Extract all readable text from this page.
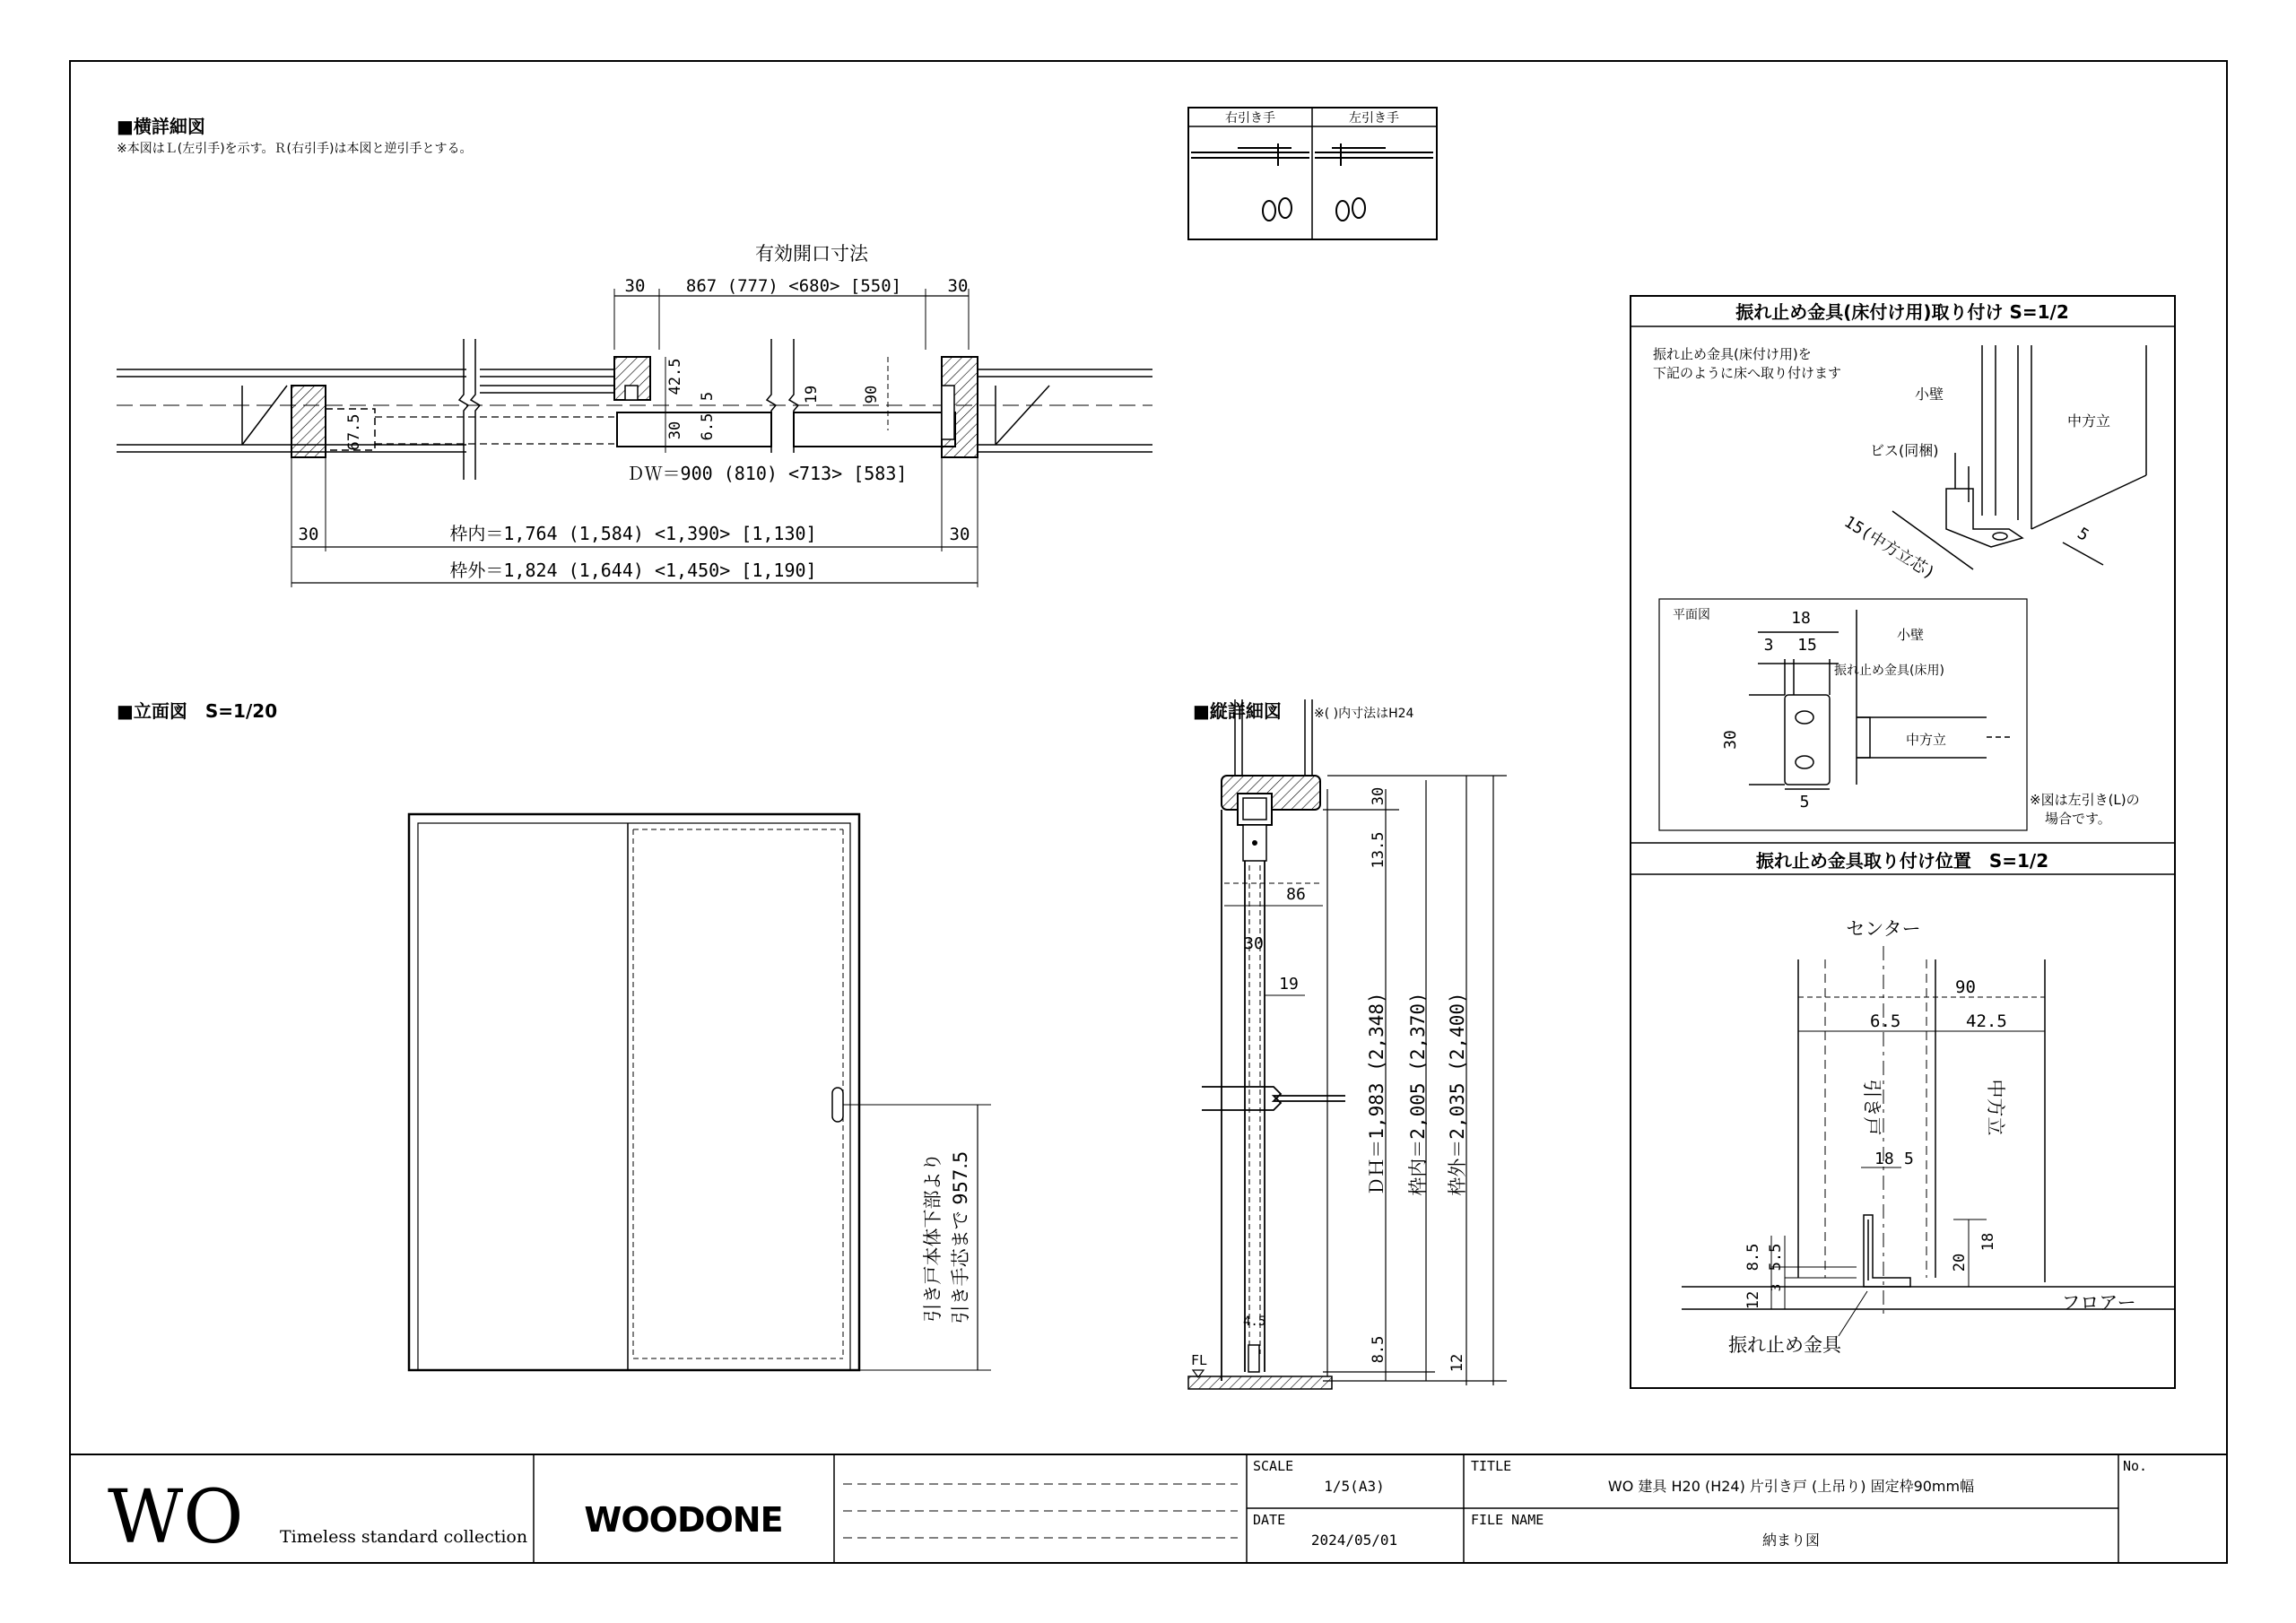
■横詳細図
※本図はＬ(左引手)を示す。Ｒ(右引手)は本図と逆引手とする。
有効開口寸法
30 867 (777) <680> [550]	30
67.5
42.5
5
30 6.5
19	90
ＤＷ＝900 (810) <713> [583]
30	枠内＝1,764 (1,584) <1,390> [1,130]	30
枠外＝1,824 (1,644) <1,450> [1,190]
右引き手	左引き手
■立面図　S=1/20
引き戸本体下部より 引き手芯まで 957.5
■縦詳細図	※( )内寸法はH24
86
30
19
4.5
FL
30
13.5
8.5	12
ＤＨ＝1,983 (2,348) 枠内＝2,005 (2,370) 枠外＝2,035 (2,400)
振れ止め金具(床付け用)取り付け S=1/2
振れ止め金具(床付け用)を
下記のように床へ取り付けます
小壁
中方立
ビス(同梱)
15(中方立芯)	5
平面図	18
3 15
小壁
振れ止め金具(床用)
30
5
中方立
※図は左引き(L)の
場合です。
振れ止め金具取り付け位置　S=1/2
センター
90
6.5	42.5
引き戸	中方立
18 5
8.5 5.5
3
12
20
18
フロアー
振れ止め金具
WO Timeless standard collection WOODONE
SCALE
1/5(A3)
DATE
2024/05/01
TITLE
WO 建具 H20 (H24) 片引き戸 (上吊り) 固定枠90mm幅
FILE NAME
納まり図
No.
